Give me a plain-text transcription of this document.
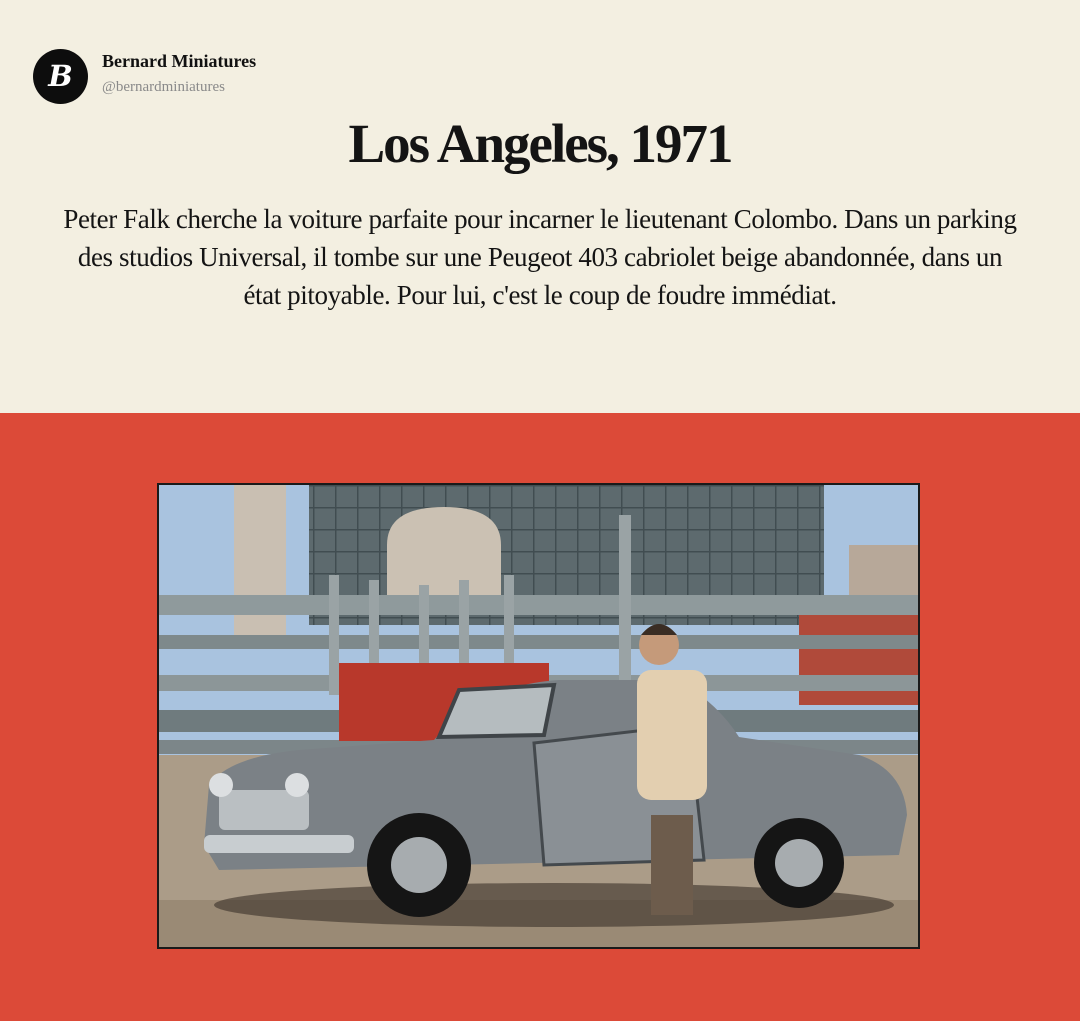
B	Bernard Miniatures
@bernardminiatures
Los Angeles, 1971

Peter Falk cherche la voiture parfaite pour incarner le lieutenant Colombo. Dans un parking des studios Universal, il tombe sur une Peugeot 403 cabriolet beige abandonnée, dans un état pitoyable. Pour lui, c'est le coup de foudre immédiat.
